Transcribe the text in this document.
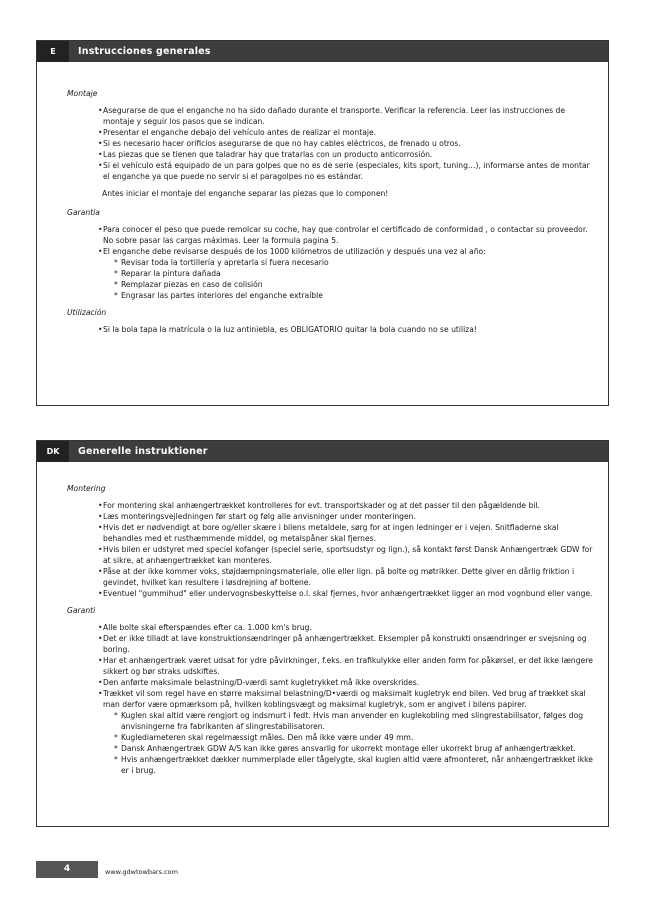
E	Instrucciones generales
Montaje
• Asegurarse de que el enganche no ha sido dañado durante el transporte. Verificar la referencia. Leer las instrucciones de montaje y seguir los pasos que se indican.
• Presentar el enganche debajo del vehículo antes de realizar el montaje.
• Si es necesario hacer orificios asegurarse de que no hay cables eléctricos, de frenado u otros.
• Las piezas que se tienen que taladrar hay que tratarlas con un producto anticorrosión.
• Si el vehículo está equipado de un para golpes que no es de serie (especiales, kits sport, tuning…), informarse antes de montar el enganche ya que puede no servir si el paragolpes no es estándar.
Antes iniciar el montaje del enganche separar las piezas que lo componen!
Garantia
• Para conocer el peso que puede remolcar su coche, hay que controlar el certificado de conformidad , o contactar su proveedor. No sobre pasar las cargas máximas. Leer la formula pagina 5.
• El enganche debe revisarse después de los 1000 kilómetros de utilización y después una vez al año:
* Revisar toda la tortillería y apretarla si fuera necesario
* Reparar la pintura dañada
* Remplazar piezas en caso de colisión
* Engrasar las partes interiores del enganche extraíble
Utilización
• Si la bola tapa la matrícula o la luz antiniebla, es OBLIGATORIO quitar la bola cuando no se utiliza!
DK	Generelle instruktioner
Montering
• For montering skal anhængertrækket kontrolleres for evt. transportskader og at det passer til den pågældende bil.
• Læs monteringsvejledningen før start og følg alle anvisninger under monteringen.
• Hvis det er nødvendigt at bore og/eller skære i bilens metaldele, sørg for at ingen ledninger er i vejen. Snitfladerne skal behandles med et rusthæmmende middel, og metalspåner skal fjernes.
• Hvis bilen er udstyret med speciel kofanger (speciel serie, sportsudstyr og lign.), så kontakt først Dansk Anhængertræk GDW for at sikre, at anhængertrækket kan monteres.
• Påse at der ikke kommer voks, støjdæmpningsmateriale, olie eller lign. på bolte og møtrikker. Dette giver en dårlig friktion i gevindet, hvilket kan resultere i løsdrejning af boltene.
• Eventuel "gummihud" eller undervognsbeskyttelse o.l. skal fjernes, hvor anhængertrækket ligger an mod vognbund eller vange.
Garanti
• Alle bolte skal efterspændes efter ca. 1.000 km's brug.
• Det er ikke tilladt at lave konstruktionsændringer på anhængertrækket. Eksempler på konstrukti onsændringer er svejsning og boring.
• Har et anhængertræk været udsat for ydre påvirkninger, f.eks. en trafikulykke eller anden form for påkørsel, er det ikke længere sikkert og bør straks udskiftes.
• Den anførte maksimale belastning/D-værdi samt kugletrykket må ikke overskrides.
• Trækket vil som regel have en større maksimal belastning/D•værdi og maksimalt kugletryk end bilen. Ved brug af trækket skal man derfor være opmærksom på, hvilken koblingsvægt og maksimal kugletryk, som er angivet i bilens papirer.
* Kuglen skal altid være rengjort og indsmurt i fedt. Hvis man anvender en kuglekobling med slingrestabilisator, følges dog anvisningerne fra fabrikanten af slingrestabilisatoren.
* Kuglediameteren skal regelmæssigt måles. Den må ikke være under 49 mm.
* Dansk Anhængertræk GDW A/S kan ikke gøres ansvarlig for ukorrekt montage eller ukorrekt brug af anhængertrækket.
* Hvis anhængertrækket dækker nummerplade eller tågelygte, skal kuglen altid være afmonteret, når anhængertrækket ikke er i brug.
4	www.gdwtowbars.com
